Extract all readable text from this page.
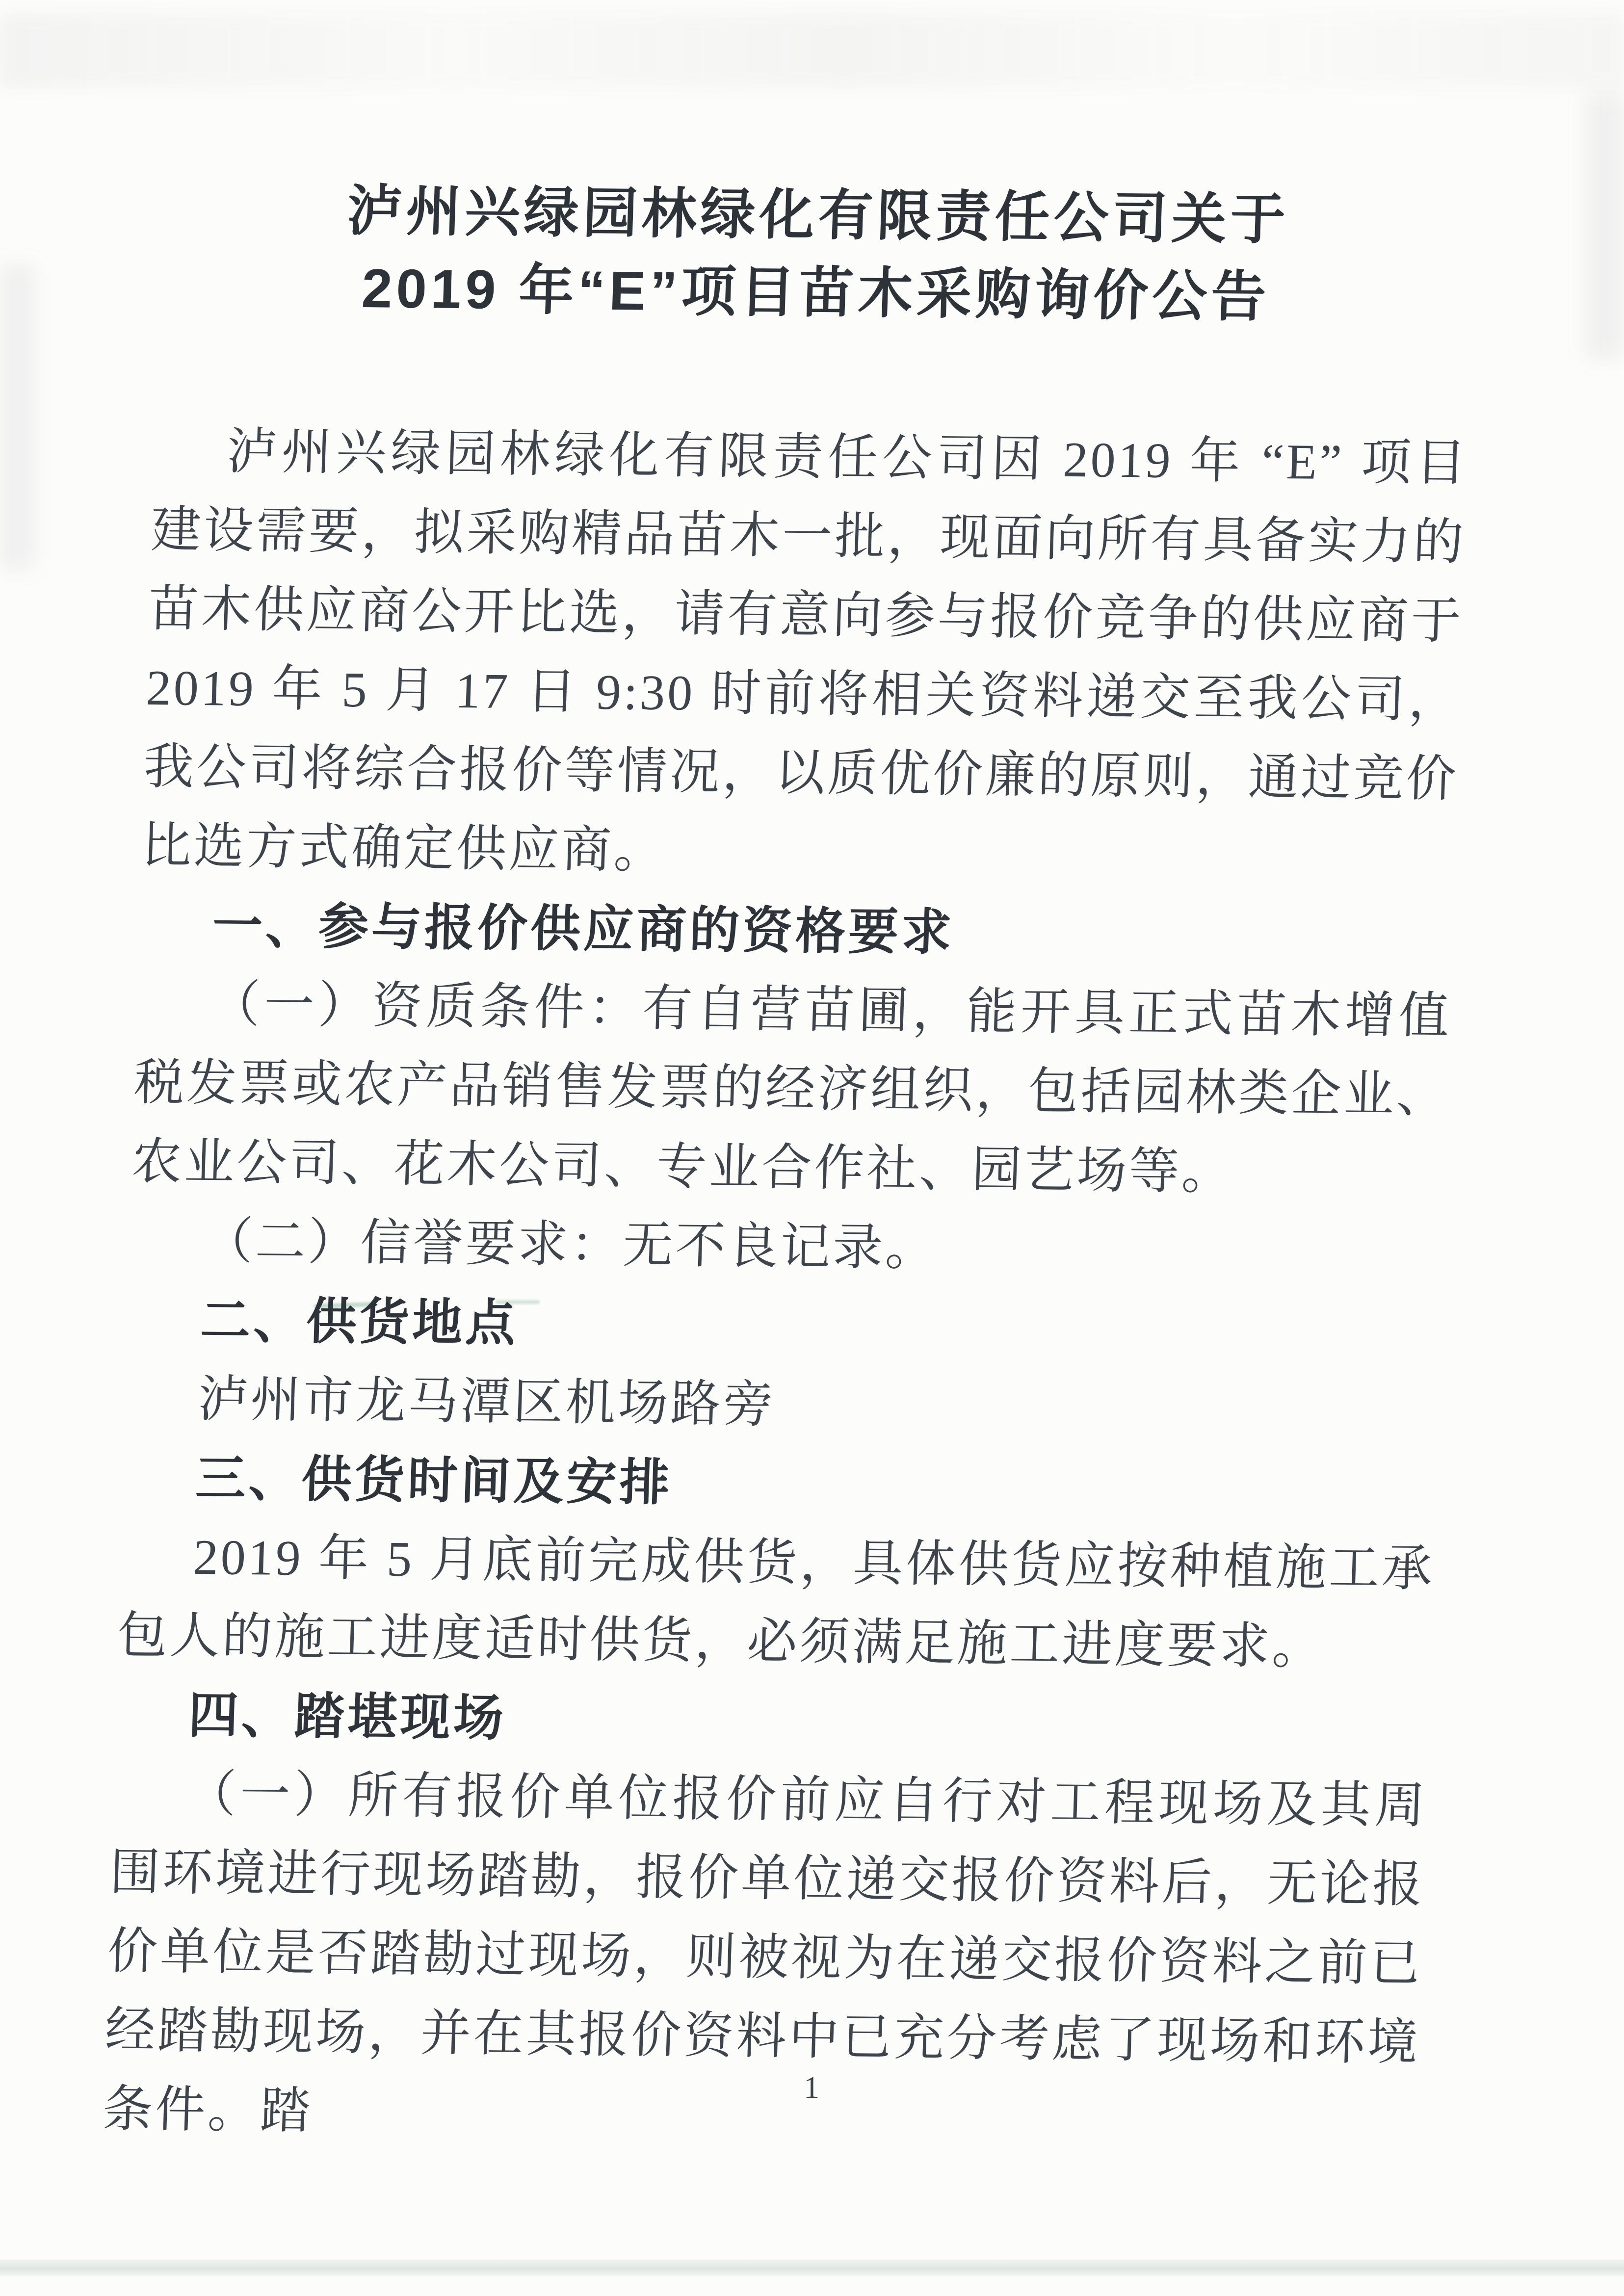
泸州兴绿园林绿化有限责任公司关于
2019 年“E”项目苗木采购询价公告

泸州兴绿园林绿化有限责任公司因 2019 年 “E” 项目建设需要，拟采购精品苗木一批，现面向所有具备实力的苗木供应商公开比选，请有意向参与报价竞争的供应商于 2019 年 5 月 17 日 9:30 时前将相关资料递交至我公司，我公司将综合报价等情况，以质优价廉的原则，通过竞价比选方式确定供应商。

一、参与报价供应商的资格要求

（一）资质条件：有自营苗圃，能开具正式苗木增值税发票或农产品销售发票的经济组织，包括园林类企业、农业公司、花木公司、专业合作社、园艺场等。

（二）信誉要求：无不良记录。

二、供货地点

泸州市龙马潭区机场路旁

三、供货时间及安排

2019 年 5 月底前完成供货，具体供货应按种植施工承包人的施工进度适时供货，必须满足施工进度要求。

四、踏堪现场

（一）所有报价单位报价前应自行对工程现场及其周围环境进行现场踏勘，报价单位递交报价资料后，无论报价单位是否踏勘过现场，则被视为在递交报价资料之前已经踏勘现场，并在其报价资料中已充分考虑了现场和环境条件。踏	1
